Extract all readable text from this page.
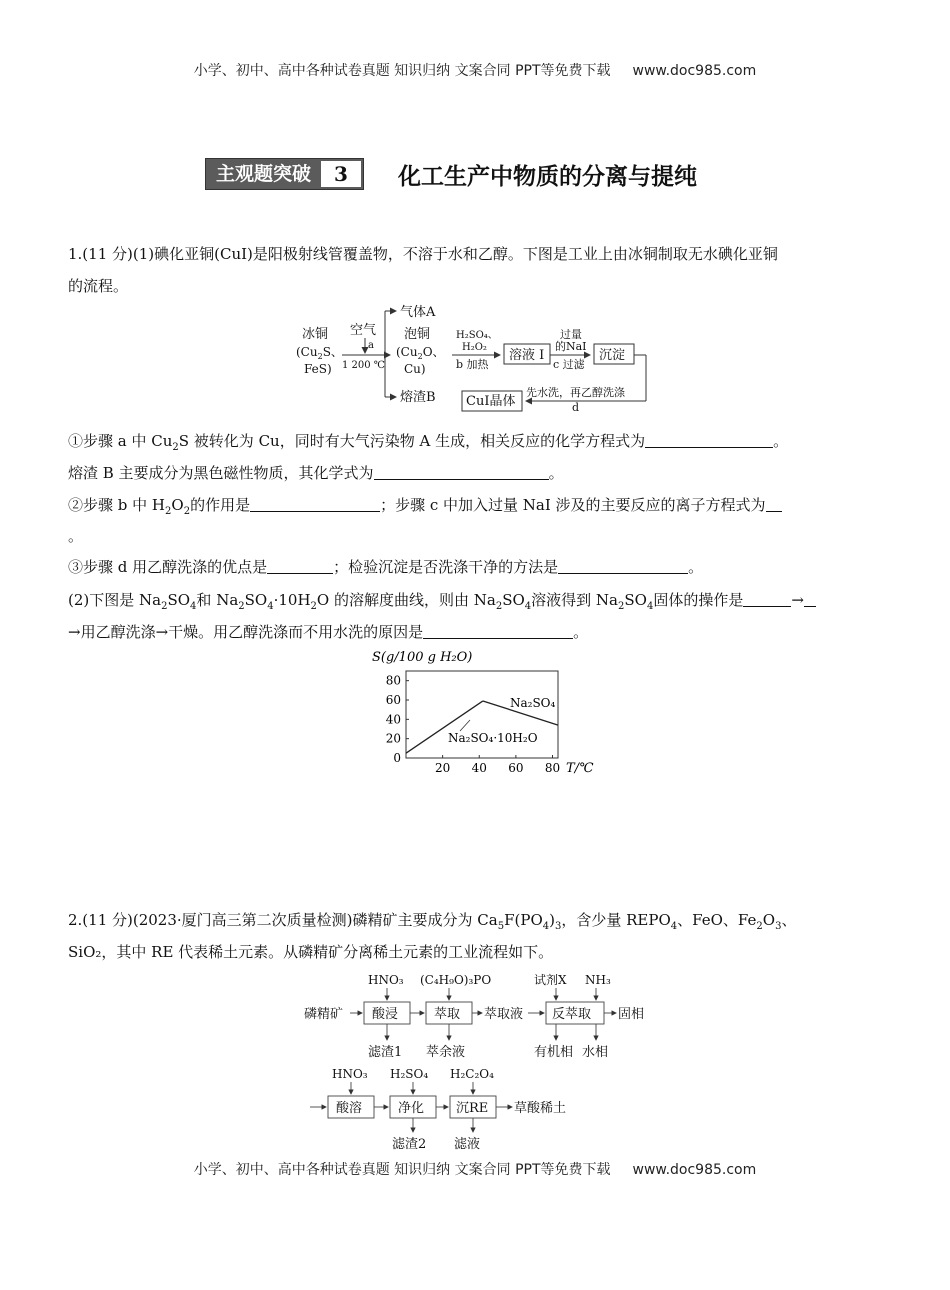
小学、初中、高中各种试卷真题 知识归纳 文案合同 PPT等免费下载 www.doc985.com
主观题突破	3	化工生产中物质的分离与提纯
1.(11 分)(1)碘化亚铜(CuI)是阳极射线管覆盖物，不溶于水和乙醇。下图是工业上由冰铜制取无水碘化亚铜
的流程。
冰铜
($Cu_2S$、
FeS)
空气
a
1 200 ℃
气体A
熔渣B
泡铜
($Cu_2O$、
Cu)
H₂SO₄、
H₂O₂
b 加热
溶液 I
过量
的NaI
c 过滤
沉淀
先水洗，再乙醇洗涤
d
CuI晶体
①步骤 a 中 $Cu_2S$ 被转化为 Cu，同时有大气污染物 A 生成，相关反应的化学方程式为	。
熔渣 B 主要成分为黑色磁性物质，其化学式为	。
②步骤 b 中 $H_2O_2$的作用是	；步骤 c 中加入过量 NaI 涉及的主要反应的离子方程式为
。
③步骤 d 用乙醇洗涤的优点是	；检验沉淀是否洗涤干净的方法是	。
(2)下图是 $Na_2SO_4$和 $Na_2SO_4\cdot 10H_2O$ 的溶解度曲线，则由 $Na_2SO_4$溶液得到 $Na_2SO_4$固体的操作是	→
→用乙醇洗涤→干燥。用乙醇洗涤而不用水洗的原因是	。
S(g/100 g H₂O)
0
20
40
60
80
20 40 60 80 T/℃
Na₂SO₄
Na₂SO₄·10H₂O
2.(11 分)(2023·厦门高三第二次质量检测)磷精矿主要成分为 $Ca_5F(PO_4)_3$，含少量 $REPO_4$、FeO、$Fe_2O_3$、
SiO₂，其中 RE 代表稀土元素。从磷精矿分离稀土元素的工业流程如下。
磷精矿
HNO₃ (C₄H₉O)₃PO	试剂X NH₃
酸浸	萃取 萃取液 反萃取 固相
滤渣1 萃余液	有机相 水相
HNO₃ H₂SO₄ H₂C₂O₄
酸溶	净化 沉RE 草酸稀土
滤渣2 滤液
小学、初中、高中各种试卷真题 知识归纳 文案合同 PPT等免费下载 www.doc985.com
